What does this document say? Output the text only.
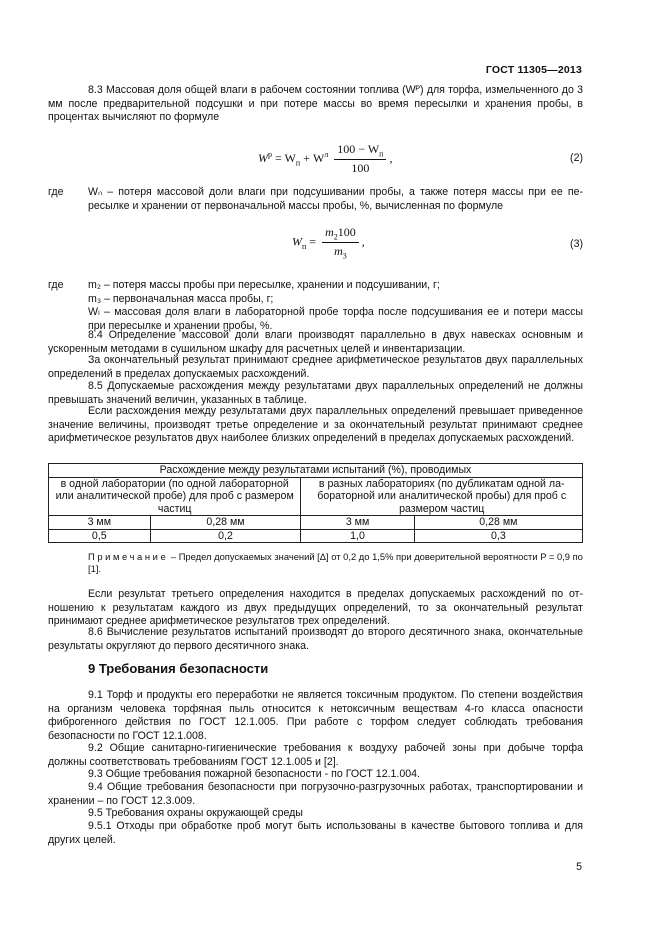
ГОСТ 11305—2013

8.3 Массовая доля общей влаги в рабочем состоянии топлива (Wᴾ) для торфа, измельченного до 3 мм после предварительной подсушки и при потере массы во время пересылки и хранения пробы, в процентах вычисляют по формуле

$W^p = W_п + W^л \frac{100 - W_п}{100}$ ,	(2)
где Wₙ – потеря массовой доли влаги при подсушивании пробы, а также потеря массы при ее пересылке и хранении от первоначальной массы пробы, %, вычисленная по формуле

$W_п = \frac{m_2100}{m_3}$ ,	(3)
где m₂ – потеря массы пробы при пересылке, хранении и подсушивании, г;
m₃ – первоначальная масса пробы, г;
Wₗ – массовая доля влаги в лабораторной пробе торфа после подсушивания ее и потери массы при пересылке и хранении пробы, %.

8.4 Определение массовой доли влаги производят параллельно в двух навесках основным и ускоренным методами в сушильном шкафу для расчетных целей и инвентаризации.

За окончательный результат принимают среднее арифметическое результатов двух параллельных определений в пределах допускаемых расхождений.

8.5 Допускаемые расхождения между результатами двух параллельных определений не должны превышать значений величин, указанных в таблице.

Если расхождения между результатами двух параллельных определений превышает приведенное значение величины, производят третье определение и за окончательный результат принимают среднее арифметическое результатов двух наиболее близких определений в пределах допускаемых расхождений.

Расхождение между результатами испытаний (%), проводимых			
в одной лаборатории (по одной лабораторной или аналитической пробе) для проб с размером частиц		в разных лабораториях (по дубликатам одной лабораторной или аналитической пробы) для проб с размером частиц	
3 мм	0,28 мм	3 мм	0,28 мм
0,5	0,2	1,0	0,3

Примечание – Предел допускаемых значений [Δ] от 0,2 до 1,5% при доверительной вероятности P = 0,9 по [1].

Если результат третьего определения находится в пределах допускаемых расхождений по отношению к результатам каждого из двух предыдущих определений, то за окончательный результат принимают среднее арифметическое результатов трех определений.

8.6 Вычисление результатов испытаний производят до второго десятичного знака, окончательные результаты округляют до первого десятичного знака.

9 Требования безопасности

9.1 Торф и продукты его переработки не является токсичным продуктом. По степени воздействия на организм человека торфяная пыль относится к нетоксичным веществам 4-го класса опасности фиброгенного действия по ГОСТ 12.1.005. При работе с торфом следует соблюдать требования безопасности по ГОСТ 12.1.008.

9.2 Общие санитарно-гигиенические требования к воздуху рабочей зоны при добыче торфа должны соответствовать требованиям ГОСТ 12.1.005 и [2].

9.3 Общие требования пожарной безопасности - по ГОСТ 12.1.004.

9.4 Общие требования безопасности при погрузочно-разгрузочных работах, транспортировании и хранении – по ГОСТ 12.3.009.

9.5 Требования охраны окружающей среды

9.5.1 Отходы при обработке проб могут быть использованы в качестве бытового топлива и для других целей.

5
